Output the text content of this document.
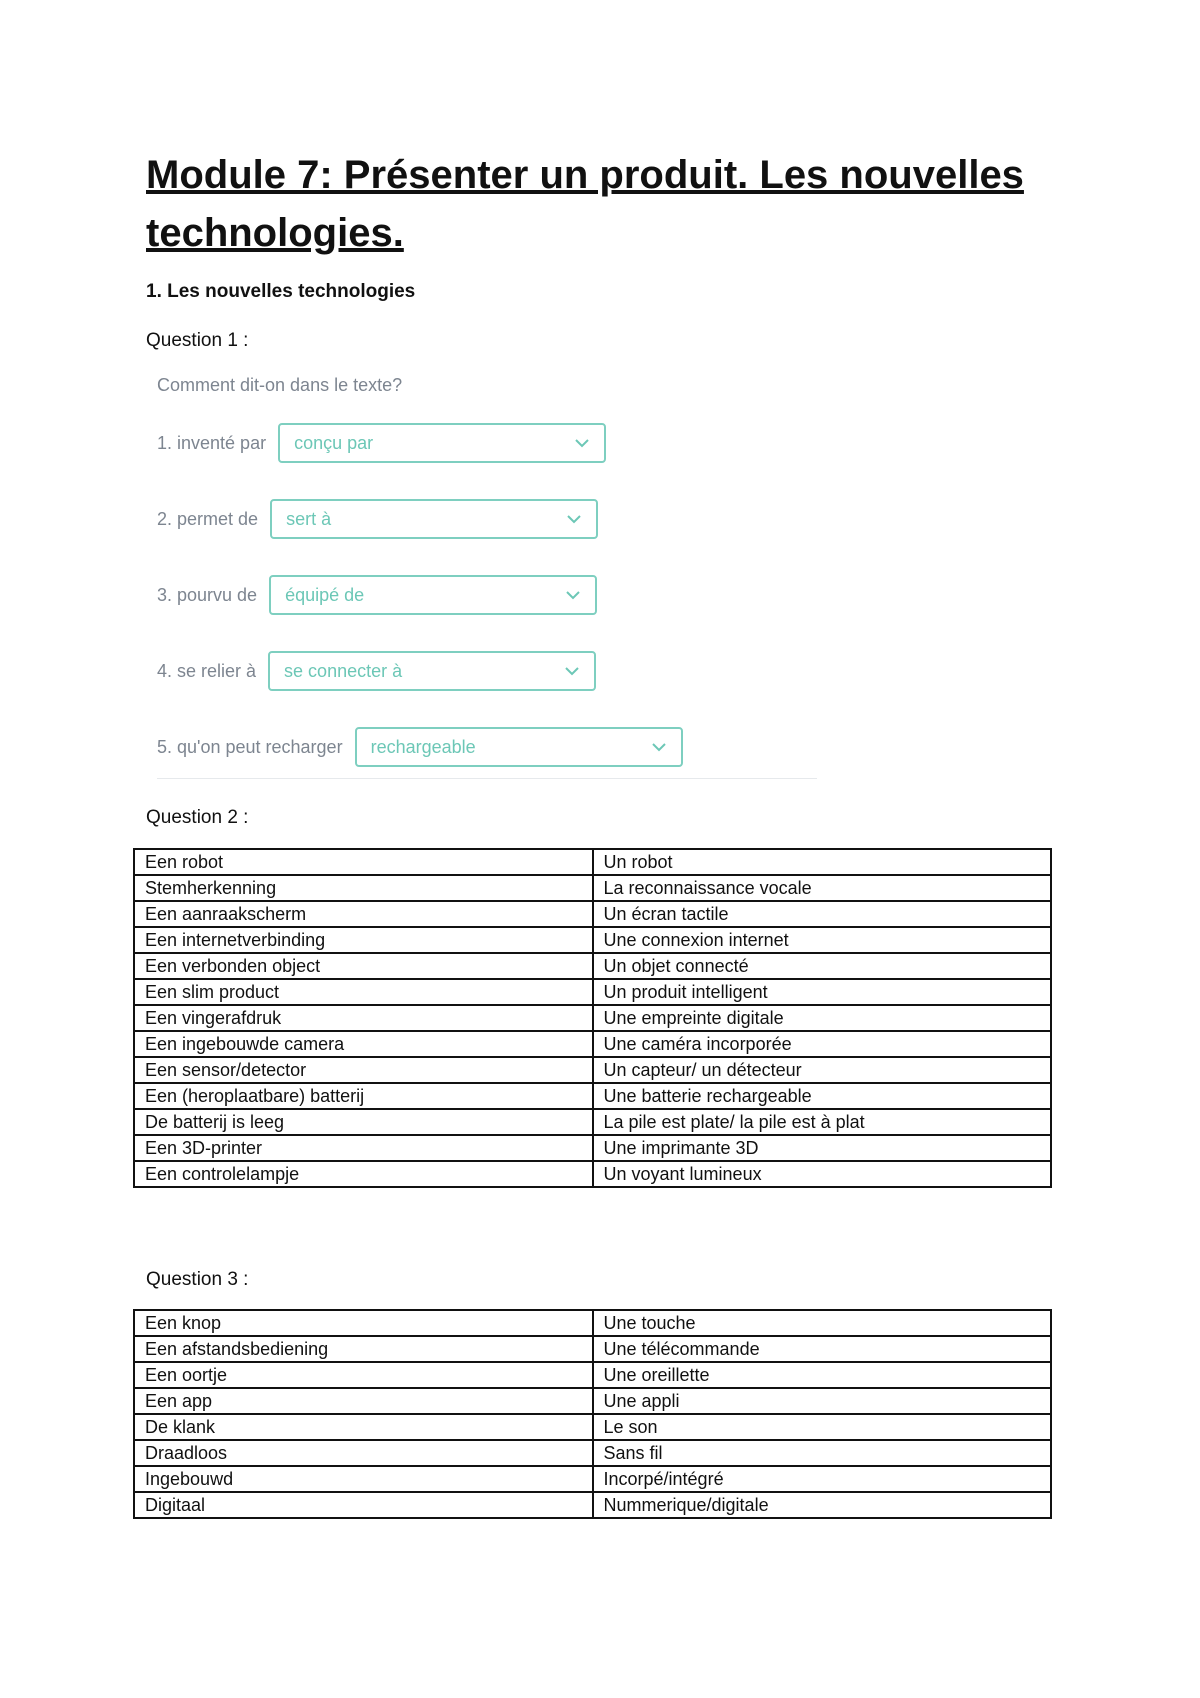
Module 7: Présenter un produit. Les nouvelles technologies.

1. Les nouvelles technologies

Question 1 :

Comment dit-on dans le texte?

1. inventé par conçu par
2. permet de sert à
3. pourvu de équipé de
4. se relier à se connecter à
5. qu'on peut recharger rechargeable

Question 2 :

Een robot	Un robot
Stemherkenning	La reconnaissance vocale
Een aanraakscherm	Un écran tactile
Een internetverbinding	Une connexion internet
Een verbonden object	Un objet connecté
Een slim product	Un produit intelligent
Een vingerafdruk	Une empreinte digitale
Een ingebouwde camera	Une caméra incorporée
Een sensor/detector	Un capteur/ un détecteur
Een (heroplaatbare) batterij	Une batterie rechargeable
De batterij is leeg	La pile est plate/ la pile est à plat
Een 3D-printer	Une imprimante 3D
Een controlelampje	Un voyant lumineux

Question 3 :

Een knop	Une touche
Een afstandsbediening	Une télécommande
Een oortje	Une oreillette
Een app	Une appli
De klank	Le son
Draadloos	Sans fil
Ingebouwd	Incorpé/intégré
Digitaal	Nummerique/digitale
